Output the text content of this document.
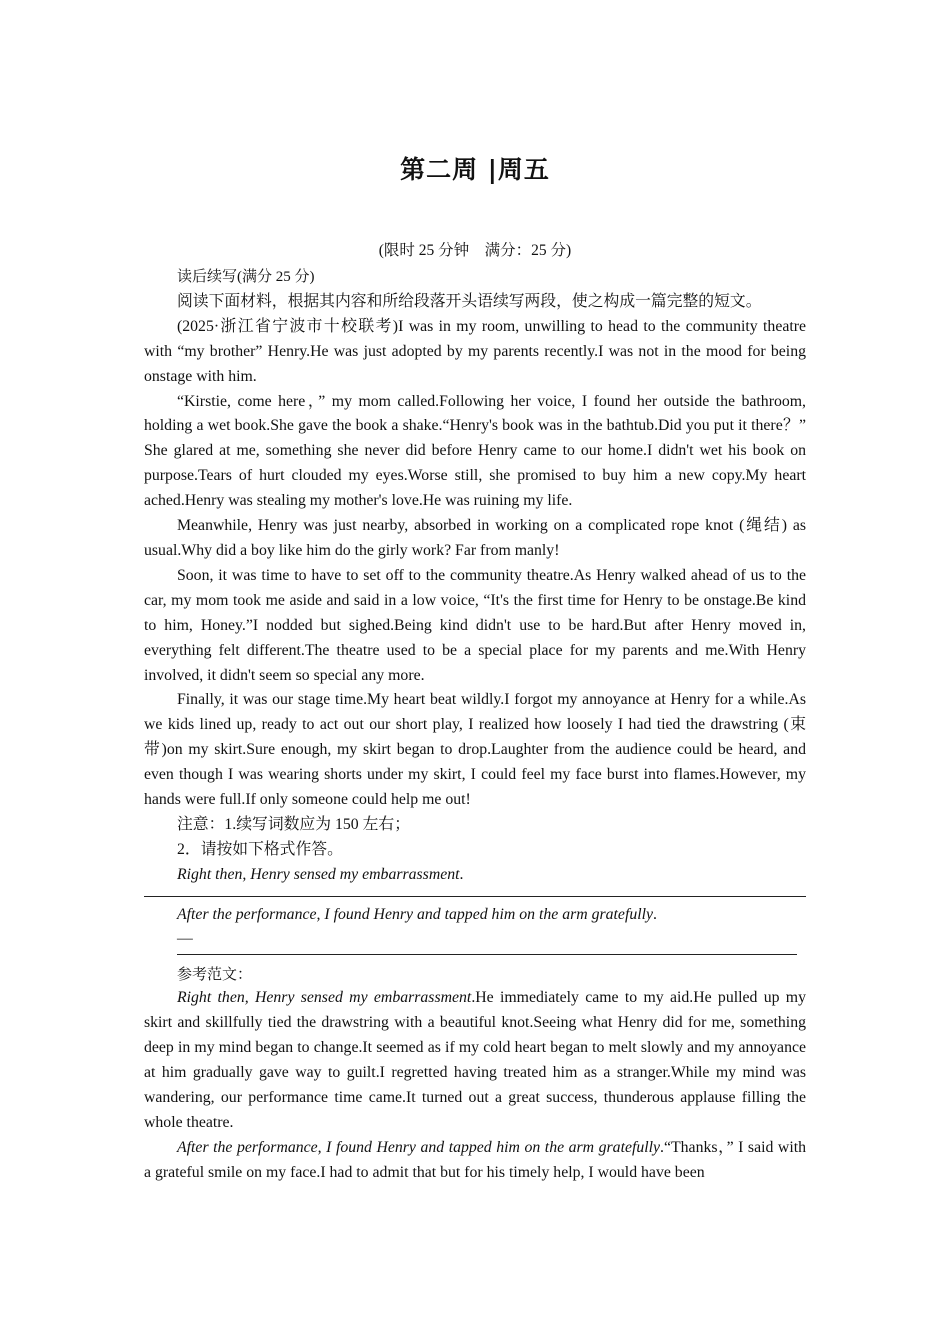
第二周 |周五
(限时 25 分钟　满分：25 分)

读后续写(满分 25 分)

阅读下面材料，根据其内容和所给段落开头语续写两段，使之构成一篇完整的短文。

(2025·浙江省宁波市十校联考)I was in my room, unwilling to head to the community theatre with “my brother” Henry.He was just adopted by my parents recently.I was not in the mood for being onstage with him.

“Kirstie, come here，” my mom called.Following her voice, I found her outside the bathroom, holding a wet book.She gave the book a shake.“Henry's book was in the bathtub.Did you put it there？” She glared at me, something she never did before Henry came to our home.I didn't wet his book on purpose.Tears of hurt clouded my eyes.Worse still, she promised to buy him a new copy.My heart ached.Henry was stealing my mother's love.He was ruining my life.

Meanwhile, Henry was just nearby, absorbed in working on a complicated rope knot (绳结) as usual.Why did a boy like him do the girly work? Far from manly!

Soon, it was time to have to set off to the community theatre.As Henry walked ahead of us to the car, my mom took me aside and said in a low voice, “It's the first time for Henry to be onstage.Be kind to him, Honey.”I nodded but sighed.Being kind didn't use to be hard.But after Henry moved in, everything felt different.The theatre used to be a special place for my parents and me.With Henry involved, it didn't seem so special any more.

Finally, it was our stage time.My heart beat wildly.I forgot my annoyance at Henry for a while.As we kids lined up, ready to act out our short play, I realized how loosely I had tied the drawstring (束带)on my skirt.Sure enough, my skirt began to drop.Laughter from the audience could be heard, and even though I was wearing shorts under my skirt, I could feel my face burst into flames.However, my hands were full.If only someone could help me out!

注意：1.续写词数应为 150 左右；

2．请按如下格式作答。

Right then, Henry sensed my embarrassment.

After the performance, I found Henry and tapped him on the arm gratefully.

—

参考范文：

Right then, Henry sensed my embarrassment.He immediately came to my aid.He pulled up my skirt and skillfully tied the drawstring with a beautiful knot.Seeing what Henry did for me, something deep in my mind began to change.It seemed as if my cold heart began to melt slowly and my annoyance at him gradually gave way to guilt.I regretted having treated him as a stranger.While my mind was wandering, our performance time came.It turned out a great success, thunderous applause filling the whole theatre.

After the performance, I found Henry and tapped him on the arm gratefully.“Thanks，” I said with a grateful smile on my face.I had to admit that but for his timely help, I would have been
